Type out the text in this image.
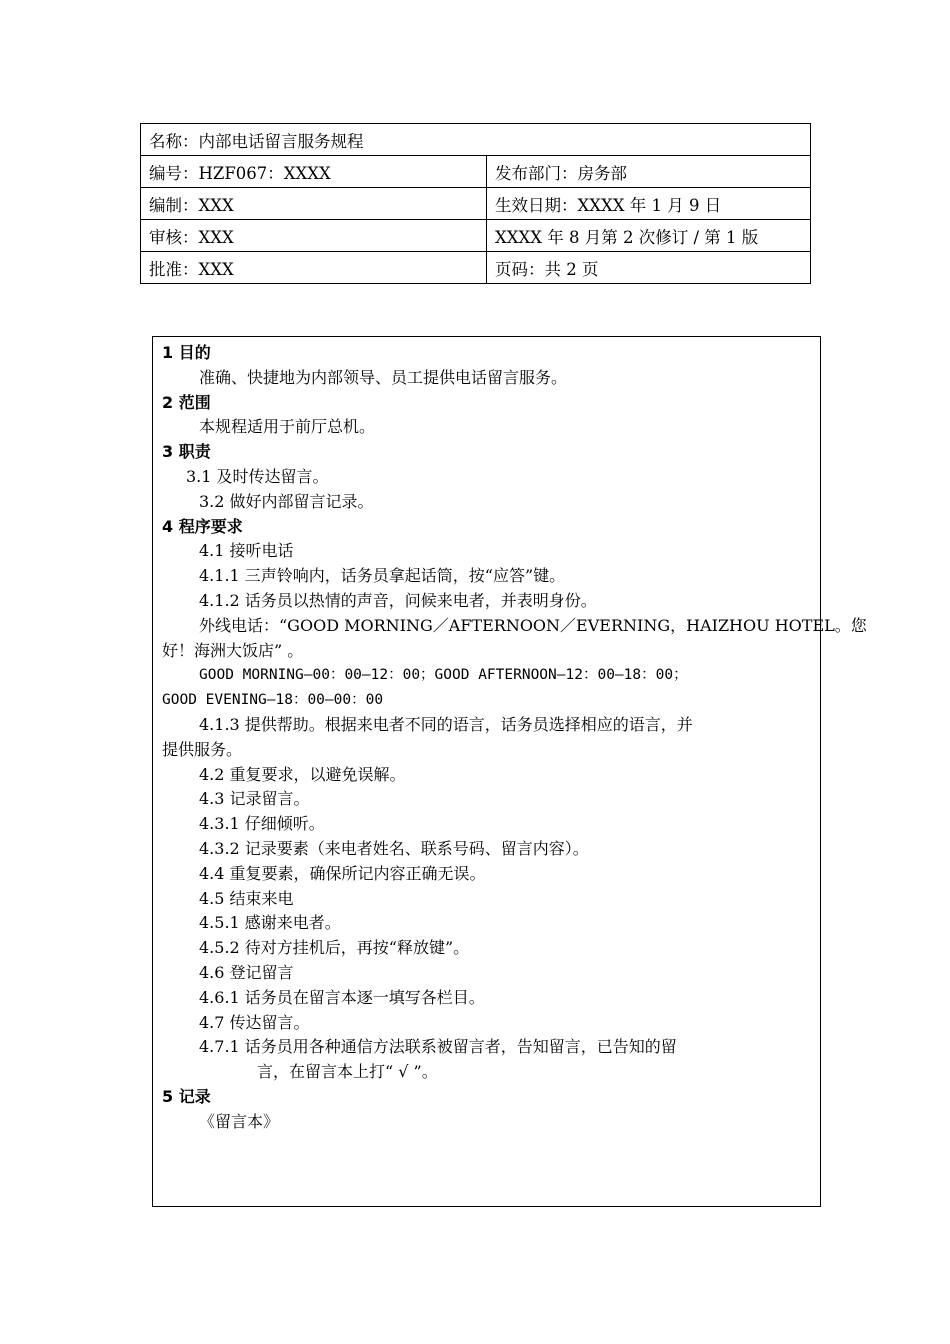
名称：内部电话留言服务规程	
编号：HZF067：XXXX	发布部门：房务部
编制：XXX	生效日期：XXXX 年 1 月 9 日
审核：XXX	XXXX 年 8 月第 2 次修订 / 第 1 版
批准：XXX	页码：共 2 页
1 目的
准确、快捷地为内部领导、员工提供电话留言服务。
2 范围
本规程适用于前厅总机。
3 职责
3.1 及时传达留言。
3.2 做好内部留言记录。
4 程序要求
4.1 接听电话
4.1.1 三声铃响内，话务员拿起话筒，按“应答”键。
4.1.2 话务员以热情的声音，问候来电者，并表明身份。
外线电话：“GOOD MORNING／AFTERNOON／EVERNING，HAIZHOU HOTEL。您
好！海洲大饭店” 。
GOOD MORNING—00：00—12：00；GOOD AFTERNOON—12：00—18：00；
GOOD EVENING—18：00—00：00
4.1.3 提供帮助。根据来电者不同的语言，话务员选择相应的语言，并
提供服务。
4.2 重复要求，以避免误解。
4.3 记录留言。
4.3.1 仔细倾听。
4.3.2 记录要素（来电者姓名、联系号码、留言内容）。
4.4 重复要素，确保所记内容正确无误。
4.5 结束来电
4.5.1 感谢来电者。
4.5.2 待对方挂机后，再按“释放键”。
4.6 登记留言
4.6.1 话务员在留言本逐一填写各栏目。
4.7 传达留言。
4.7.1 话务员用各种通信方法联系被留言者，告知留言，已告知的留
言，在留言本上打“ √ ”。
5 记录
《留言本》
